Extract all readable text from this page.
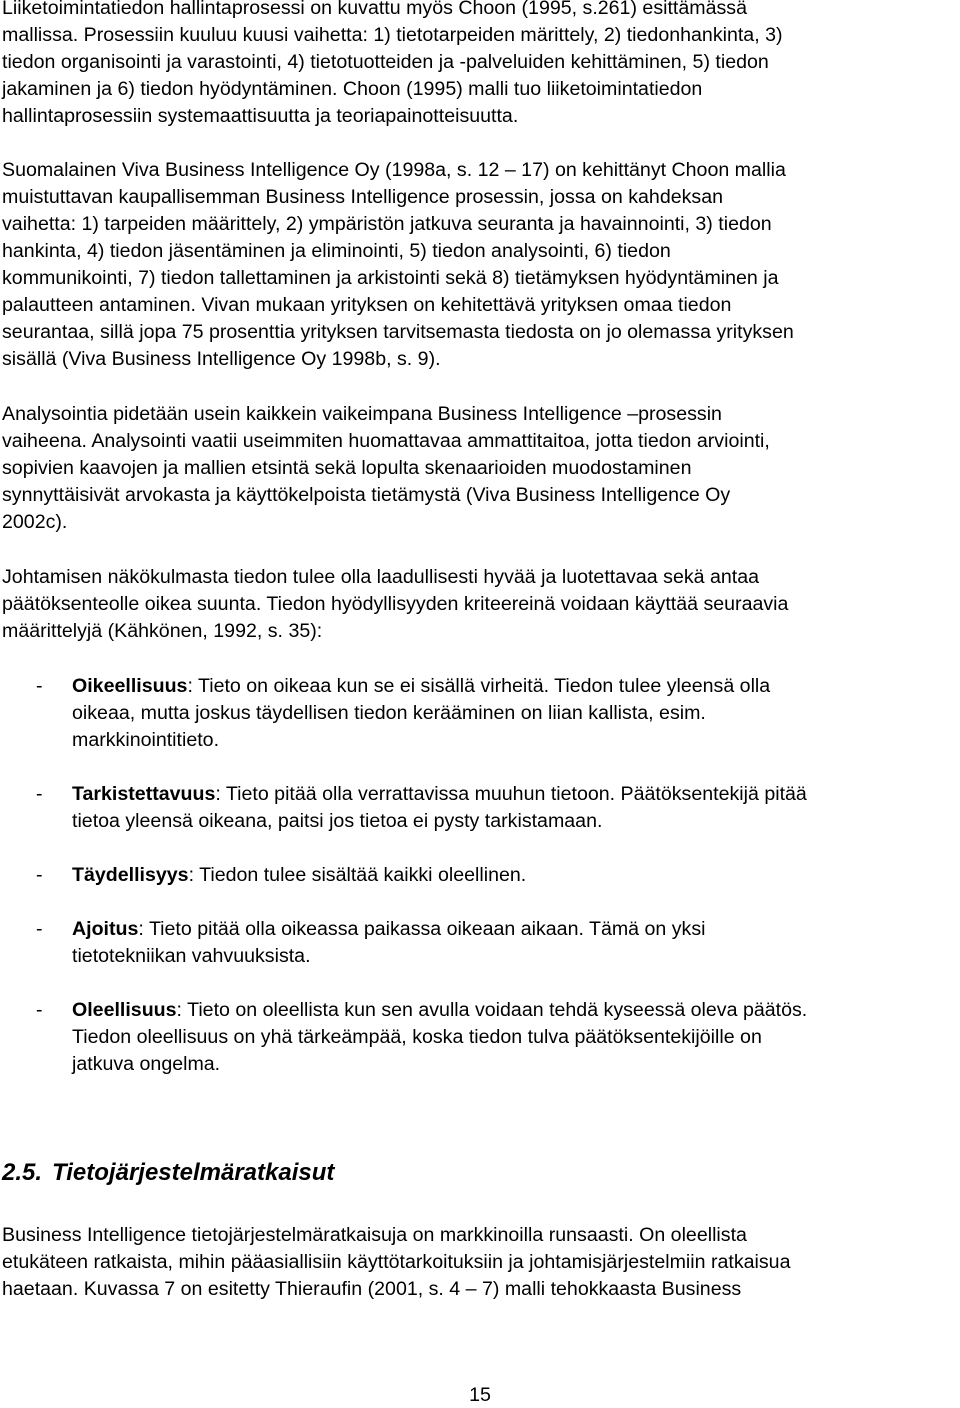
Liiketoimintatiedon hallintaprosessi on kuvattu myös Choon (1995, s.261) esittämässä
mallissa. Prosessiin kuuluu kuusi vaihetta: 1) tietotarpeiden märittely, 2) tiedonhankinta, 3)
tiedon organisointi ja varastointi, 4) tietotuotteiden ja -palveluiden kehittäminen, 5) tiedon
jakaminen ja 6) tiedon hyödyntäminen. Choon (1995) malli tuo liiketoimintatiedon
hallintaprosessiin systemaattisuutta ja teoriapainotteisuutta.
Suomalainen Viva Business Intelligence Oy (1998a, s. 12 – 17) on kehittänyt Choon mallia
muistuttavan kaupallisemman Business Intelligence prosessin, jossa on kahdeksan
vaihetta: 1) tarpeiden määrittely, 2) ympäristön jatkuva seuranta ja havainnointi, 3) tiedon
hankinta, 4) tiedon jäsentäminen ja eliminointi, 5) tiedon analysointi, 6) tiedon
kommunikointi, 7) tiedon tallettaminen ja arkistointi sekä 8) tietämyksen hyödyntäminen ja
palautteen antaminen. Vivan mukaan yrityksen on kehitettävä yrityksen omaa tiedon
seurantaa, sillä jopa 75 prosenttia yrityksen tarvitsemasta tiedosta on jo olemassa yrityksen
sisällä (Viva Business Intelligence Oy 1998b, s. 9).
Analysointia pidetään usein kaikkein vaikeimpana Business Intelligence –prosessin
vaiheena. Analysointi vaatii useimmiten huomattavaa ammattitaitoa, jotta tiedon arviointi,
sopivien kaavojen ja mallien etsintä sekä lopulta skenaarioiden muodostaminen
synnyttäisivät arvokasta ja käyttökelpoista tietämystä (Viva Business Intelligence Oy
2002c).
Johtamisen näkökulmasta tiedon tulee olla laadullisesti hyvää ja luotettavaa sekä antaa
päätöksenteolle oikea suunta. Tiedon hyödyllisyyden kriteereinä voidaan käyttää seuraavia
määrittelyjä (Kähkönen, 1992, s. 35):
- Oikeellisuus: Tieto on oikeaa kun se ei sisällä virheitä. Tiedon tulee yleensä olla
oikeaa, mutta joskus täydellisen tiedon kerääminen on liian kallista, esim.
markkinointitieto.
- Tarkistettavuus: Tieto pitää olla verrattavissa muuhun tietoon. Päätöksentekijä pitää
tietoa yleensä oikeana, paitsi jos tietoa ei pysty tarkistamaan.
- Täydellisyys: Tiedon tulee sisältää kaikki oleellinen.
- Ajoitus: Tieto pitää olla oikeassa paikassa oikeaan aikaan. Tämä on yksi
tietotekniikan vahvuuksista.
- Oleellisuus: Tieto on oleellista kun sen avulla voidaan tehdä kyseessä oleva päätös.
Tiedon oleellisuus on yhä tärkeämpää, koska tiedon tulva päätöksentekijöille on
jatkuva ongelma.
2.5. Tietojärjestelmäratkaisut
Business Intelligence tietojärjestelmäratkaisuja on markkinoilla runsaasti. On oleellista
etukäteen ratkaista, mihin pääasiallisiin käyttötarkoituksiin ja johtamisjärjestelmiin ratkaisua
haetaan. Kuvassa 7 on esitetty Thieraufin (2001, s. 4 – 7) malli tehokkaasta Business
15
